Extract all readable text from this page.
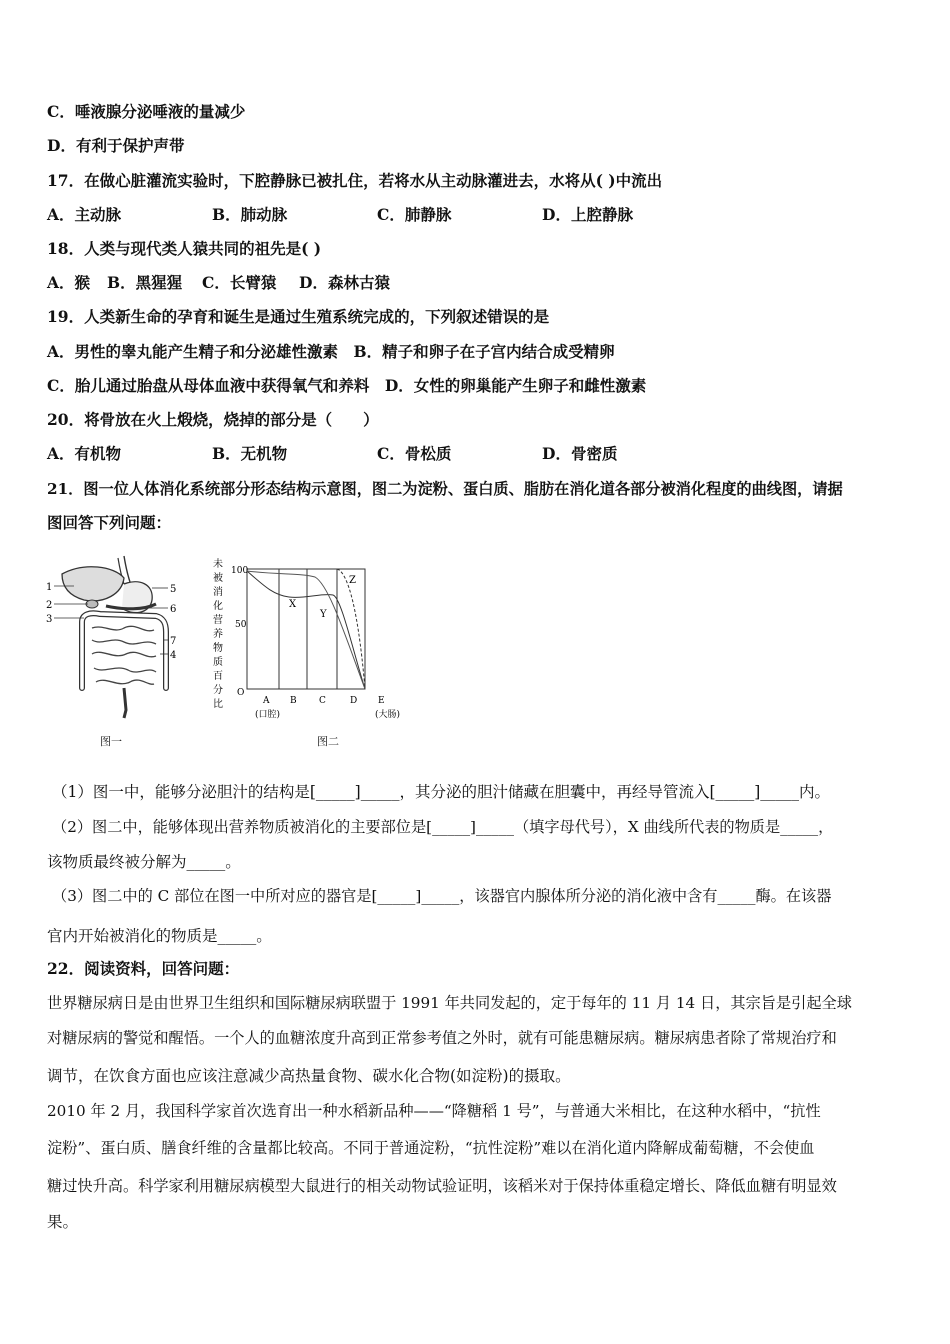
C．唾液腺分泌唾液的量减少
D．有利于保护声带
17．在做心脏灌流实验时，下腔静脉已被扎住，若将水从主动脉灌进去，水将从( )中流出
A．主动脉	B．肺动脉	C．肺静脉	D．上腔静脉
18．人类与现代类人猿共同的祖先是( )
A．猴 B．黑猩猩 C．长臂猿 D．森林古猿
19．人类新生命的孕育和诞生是通过生殖系统完成的，下列叙述错误的是
A．男性的睾丸能产生精子和分泌雄性激素　B．精子和卵子在子宫内结合成受精卵
C．胎儿通过胎盘从母体血液中获得氧气和养料　D．女性的卵巢能产生卵子和雌性激素
20．将骨放在火上煅烧，烧掉的部分是（　　）
A．有机物	B．无机物	C．骨松质	D．骨密质
21．图一位人体消化系统部分形态结构示意图，图二为淀粉、蛋白质、脂肪在消化道各部分被消化程度的曲线图，请据
图回答下列问题：
1
2
3
5
6
7
4
图一
未
被
消
化
营
养
物
质
百
分
比
100
50
O
X
Y
Z
A B C	D E
(口腔)	(大肠)
图二
（1）图一中，能够分泌胆汁的结构是[_____]_____，其分泌的胆汁储藏在胆囊中，再经导管流入[_____]_____内。
（2）图二中，能够体现出营养物质被消化的主要部位是[_____]_____（填字母代号），X 曲线所代表的物质是_____，
该物质最终被分解为_____。
（3）图二中的 C 部位在图一中所对应的器官是[_____]_____，该器官内腺体所分泌的消化液中含有_____酶。在该器
官内开始被消化的物质是_____。
22．阅读资料，回答问题：
世界糖尿病日是由世界卫生组织和国际糖尿病联盟于 1991 年共同发起的，定于每年的 11 月 14 日，其宗旨是引起全球
对糖尿病的警觉和醒悟。一个人的血糖浓度升高到正常参考值之外时，就有可能患糖尿病。糖尿病患者除了常规治疗和
调节，在饮食方面也应该注意减少高热量食物、碳水化合物(如淀粉)的摄取。
2010 年 2 月，我国科学家首次选育出一种水稻新品种——“降糖稻 1 号”，与普通大米相比，在这种水稻中，“抗性
淀粉”、蛋白质、膳食纤维的含量都比较高。不同于普通淀粉，“抗性淀粉”难以在消化道内降解成葡萄糖，不会使血
糖过快升高。科学家利用糖尿病模型大鼠进行的相关动物试验证明，该稻米对于保持体重稳定增长、降低血糖有明显效
果。
